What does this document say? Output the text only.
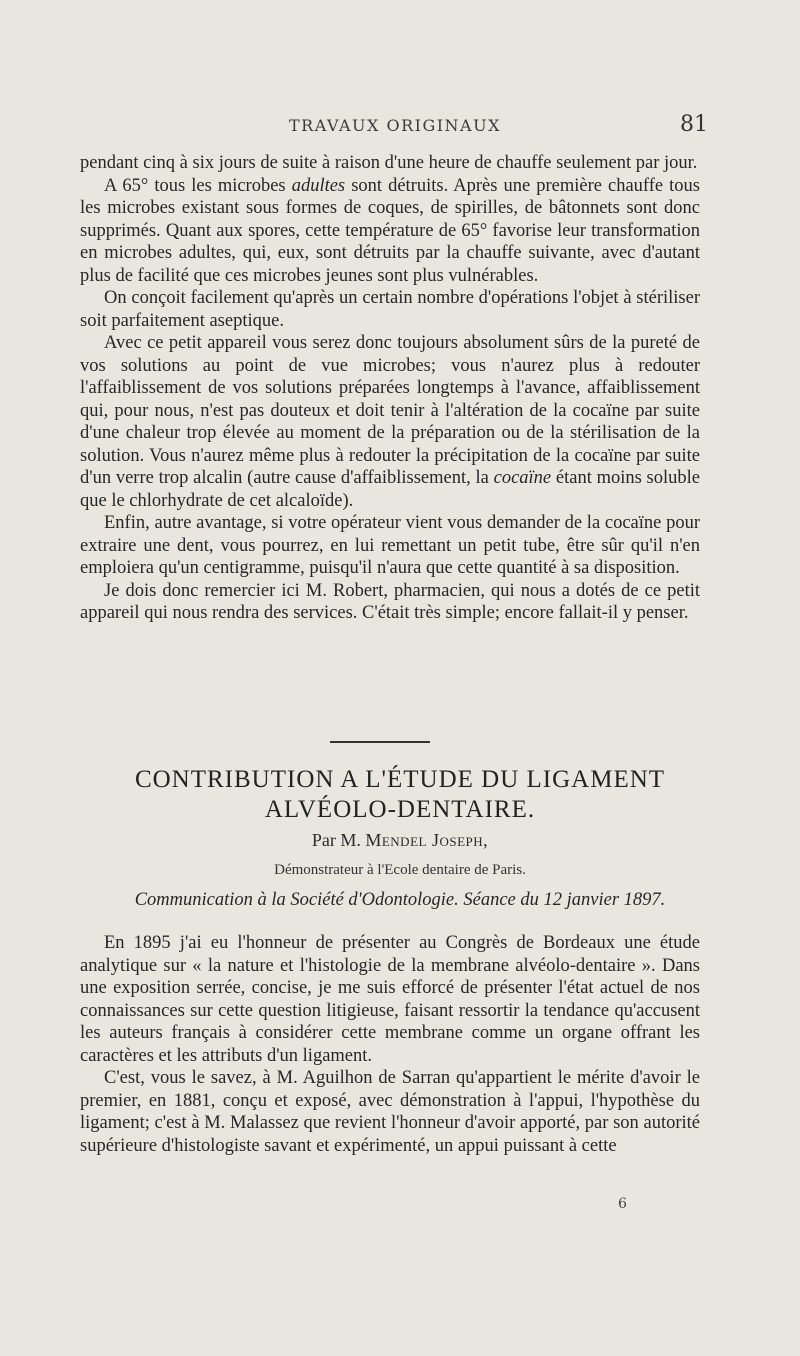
TRAVAUX ORIGINAUX	81

pendant cinq à six jours de suite à raison d'une heure de chauffe seulement par jour.

A 65° tous les microbes adultes sont détruits. Après une première chauffe tous les microbes existant sous formes de coques, de spirilles, de bâtonnets sont donc supprimés. Quant aux spores, cette température de 65° favorise leur transformation en microbes adultes, qui, eux, sont détruits par la chauffe suivante, avec d'autant plus de facilité que ces microbes jeunes sont plus vulnérables.

On conçoit facilement qu'après un certain nombre d'opérations l'objet à stériliser soit parfaitement aseptique.

Avec ce petit appareil vous serez donc toujours absolument sûrs de la pureté de vos solutions au point de vue microbes; vous n'aurez plus à redouter l'affaiblissement de vos solutions préparées longtemps à l'avance, affaiblissement qui, pour nous, n'est pas douteux et doit tenir à l'altération de la cocaïne par suite d'une chaleur trop élevée au moment de la préparation ou de la stérilisation de la solution. Vous n'aurez même plus à redouter la précipitation de la cocaïne par suite d'un verre trop alcalin (autre cause d'affaiblissement, la cocaïne étant moins soluble que le chlorhydrate de cet alcaloïde).

Enfin, autre avantage, si votre opérateur vient vous demander de la cocaïne pour extraire une dent, vous pourrez, en lui remettant un petit tube, être sûr qu'il n'en emploiera qu'un centigramme, puisqu'il n'aura que cette quantité à sa disposition.

Je dois donc remercier ici M. Robert, pharmacien, qui nous a dotés de ce petit appareil qui nous rendra des services. C'était très simple; encore fallait-il y penser.

CONTRIBUTION A L'ÉTUDE DU LIGAMENT
ALVÉOLO-DENTAIRE.
Par M. Mendel Joseph,
Démonstrateur à l'Ecole dentaire de Paris.
Communication à la Société d'Odontologie. Séance du 12 janvier 1897.

En 1895 j'ai eu l'honneur de présenter au Congrès de Bordeaux une étude analytique sur « la nature et l'histologie de la membrane alvéolo-dentaire ». Dans une exposition serrée, concise, je me suis efforcé de présenter l'état actuel de nos connaissances sur cette question litigieuse, faisant ressortir la tendance qu'accusent les auteurs français à considérer cette membrane comme un organe offrant les caractères et les attributs d'un ligament.

C'est, vous le savez, à M. Aguilhon de Sarran qu'appartient le mérite d'avoir le premier, en 1881, conçu et exposé, avec démonstration à l'appui, l'hypothèse du ligament; c'est à M. Malassez que revient l'honneur d'avoir apporté, par son autorité supérieure d'histologiste savant et expérimenté, un appui puissant à cette

6
